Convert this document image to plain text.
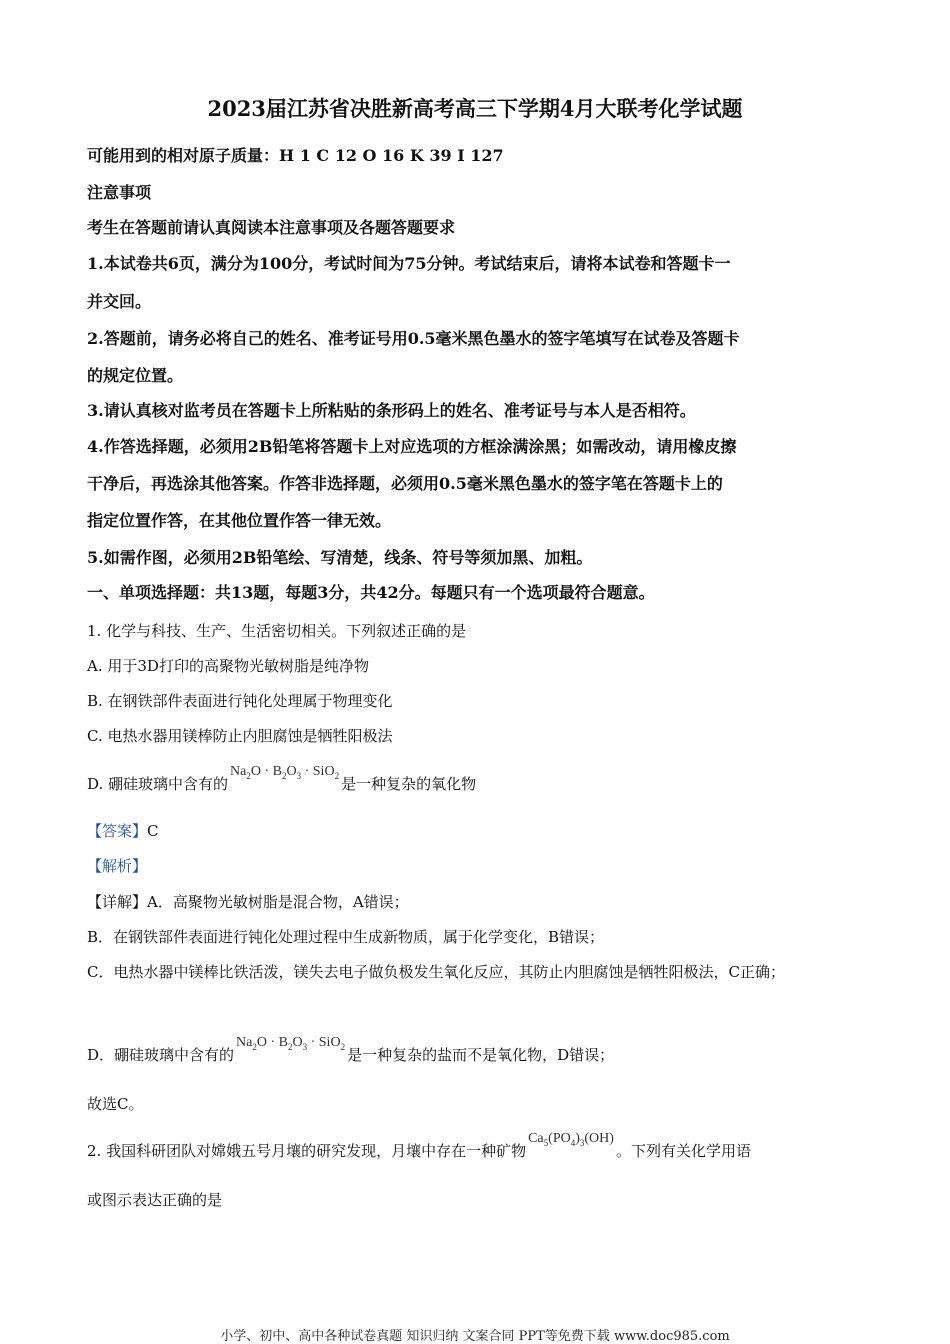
2023届江苏省决胜新高考高三下学期4月大联考化学试题
可能用到的相对原子质量：H 1 C 12 O 16 K 39 I 127
注意事项
考生在答题前请认真阅读本注意事项及各题答题要求
1.本试卷共6页，满分为100分，考试时间为75分钟。考试结束后，请将本试卷和答题卡一
并交回。
2.答题前，请务必将自己的姓名、准考证号用0.5毫米黑色墨水的签字笔填写在试卷及答题卡
的规定位置。
3.请认真核对监考员在答题卡上所粘贴的条形码上的姓名、准考证号与本人是否相符。
4.作答选择题，必须用2B铅笔将答题卡上对应选项的方框涂满涂黑；如需改动，请用橡皮擦
干净后，再选涂其他答案。作答非选择题，必须用0.5毫米黑色墨水的签字笔在答题卡上的
指定位置作答，在其他位置作答一律无效。
5.如需作图，必须用2B铅笔绘、写清楚，线条、符号等须加黑、加粗。
一、单项选择题：共13题，每题3分，共42分。每题只有一个选项最符合题意。
1. 化学与科技、生产、生活密切相关。下列叙述正确的是
A. 用于3D打印的高聚物光敏树脂是纯净物
B. 在钢铁部件表面进行钝化处理属于物理变化
C. 电热水器用镁棒防止内胆腐蚀是牺牲阳极法
D. 硼硅玻璃中含有的$Na_2O \cdot B_2O_3 \cdot SiO_2$ 是一种复杂的氧化物
【答案】C
【解析】
【详解】A．高聚物光敏树脂是混合物，A错误；
B．在钢铁部件表面进行钝化处理过程中生成新物质，属于化学变化，B错误；
C．电热水器中镁棒比铁活泼，镁失去电子做负极发生氧化反应，其防止内胆腐蚀是牺牲阳极法，C正确；
D．硼硅玻璃中含有的$Na_2O \cdot B_2O_3 \cdot SiO_2$ 是一种复杂的盐而不是氧化物，D错误；
故选C。
2. 我国科研团队对嫦娥五号月壤的研究发现，月壤中存在一种矿物$Ca_5(PO_4)_3(OH)$。下列有关化学用语
或图示表达正确的是
小学、初中、高中各种试卷真题 知识归纳 文案合同 PPT等免费下载 www.doc985.com
